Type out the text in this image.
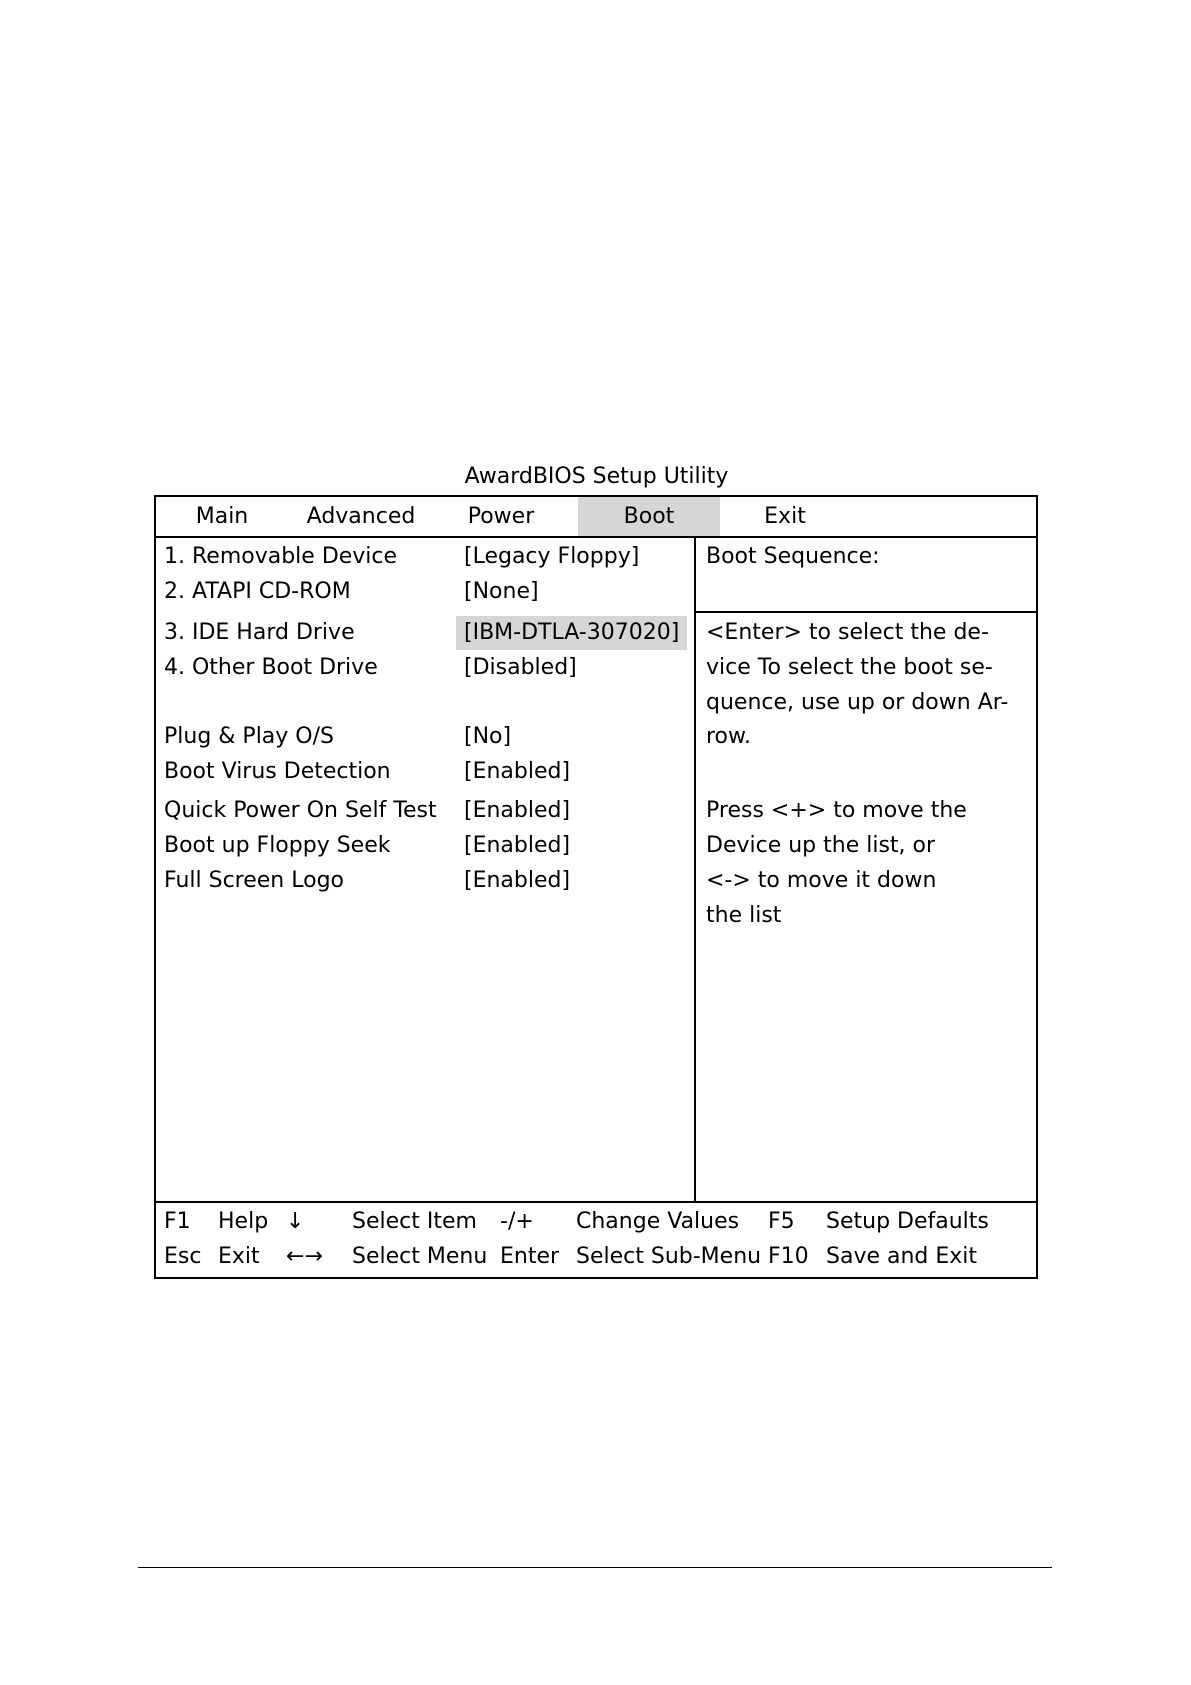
AwardBIOS Setup Utility
Main	Advanced	Power	Boot	Exit
1. Removable Device	[Legacy Floppy]
2. ATAPI CD-ROM	[None]
3. IDE Hard Drive	[IBM-DTLA-307020]
4. Other Boot Drive	[Disabled]
Plug & Play O/S	[No]
Boot Virus Detection	[Enabled]
Quick Power On Self Test	[Enabled]
Boot up Floppy Seek	[Enabled]
Full Screen Logo	[Enabled]
Boot Sequence:
<Enter> to select the de-
vice To select the boot se-
quence, use up or down Ar-
row.
Press <+> to move the
Device up the list, or
<-> to move it down
the list
F1 Help ↓ Select Item -/+ Change Values F5 Setup Defaults
Esc Exit ←→ Select Menu Enter Select Sub-Menu F10 Save and Exit
